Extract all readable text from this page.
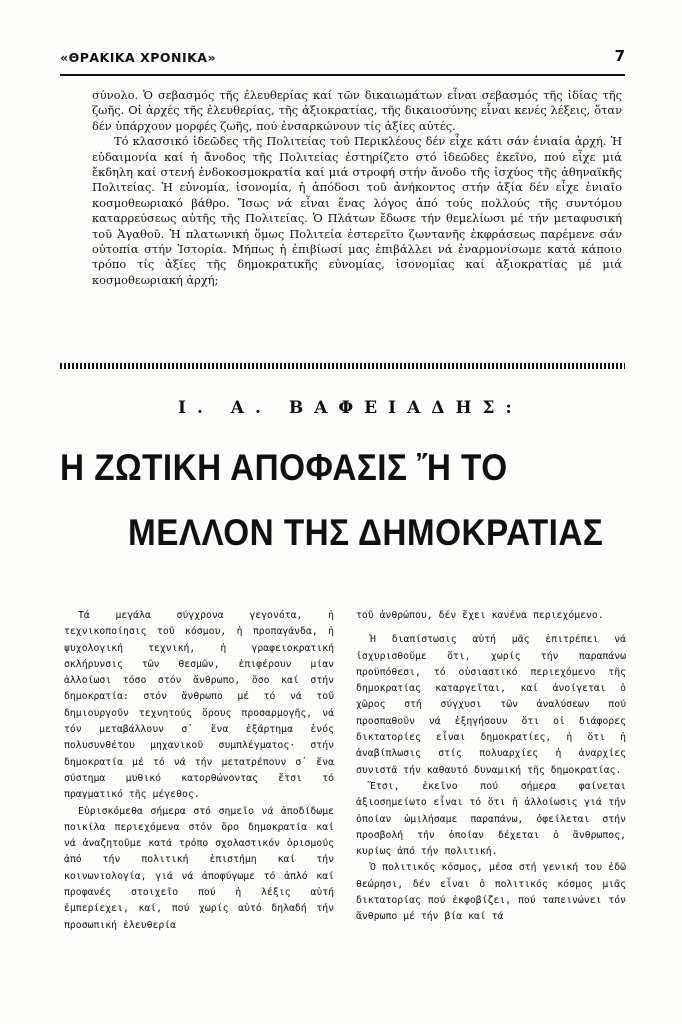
«ΘΡΑΚΙΚΑ ΧΡΟΝΙΚΑ»	7

σύνολο. Ὁ σεβασμός τῆς ἐλευθερίας καί τῶν δικαιωμάτων εἶναι σεβασμός τῆς ἰδίας τῆς ζωῆς. Οἱ ἀρχές τῆς ἐλευθερίας, τῆς ἀξιοκρατίας, τῆς δικαιοσύνης εἶναι κενές λέξεις, ὅταν δέν ὑπάρχουν μορφές ζωῆς, πού ἐνσαρκώνουν τίς ἀξίες αὐτές.

Τό κλασσικό ἰδεῶδες τῆς Πολιτείας τοῦ Περικλέους δέν εἶχε κάτι σάν ἑνιαία ἀρχή. Ἡ εὐδαιμονία καί ἡ ἄνοδος τῆς Πολιτείας ἐστηρίζετο στό ἰδεῶδες ἐκεῖνο, πού εἶχε μιά ἔκδηλη καί στενή ἐνδοκοσμοκρατία καί μιά στροφή στήν ἄνοδο τῆς ἰσχύος τῆς ἀθηναϊκῆς Πολιτείας. Ἡ εὐνομία, ἰσονομία, ἡ ἀπόδοσι τοῦ ἀνήκοντος στήν ἀξία δέν εἶχε ἑνιαῖο κοσμοθεωριακό βάθρο. Ἴσως νά εἶναι ἕνας λόγος ἀπό τούς πολλούς τῆς συντόμου καταρρεύσεως αὐτῆς τῆς Πολιτείας. Ὁ Πλάτων ἔδωσε τήν θεμελίωσι μέ τήν μεταφυσική τοῦ Ἀγαθοῦ. Ἡ πλατωνική ὅμως Πολιτεία ἐστερεῖτο ζωντανῆς ἐκφράσεως παρέμενε σάν οὐτοπία στήν Ἱστορία. Μήπως ἡ ἐπιβίωσί μας ἐπιβάλλει νά ἐναρμονίσωμε κατά κάποιο τρόπο τίς ἀξίες τῆς δημοκρατικῆς εὐνομίας, ἰσονομίας καί ἀξιοκρατίας μέ μιά κοσμοθεωριακή ἀρχή;

Ι. Α. ΒΑΦΕΙΑΔΗΣ:
Η ΖΩΤΙΚΗ ΑΠΟΦΑΣΙΣ Ἤ ΤΟ
ΜΕΛΛΟΝ ΤΗΣ ΔΗΜΟΚΡΑΤΙΑΣ

Τά μεγάλα σύγχρονα γεγονότα, ἡ τεχνικοποίησις τοῦ κόσμου, ἡ προπαγάνδα, ἡ ψυχολογική τεχνική, ἡ γραφειοκρατική σκλήρυνσις τῶν θεσμῶν, ἐπιφέρουν μίαν ἀλλοίωσι τόσο στόν ἄνθρωπο, ὅσο καί στήν δημοκρατία: στόν ἄνθρωπο μέ τό νά τοῦ δημιουργοῦν τεχνητούς ὅρους προσαρμογῆς, νά τόν μεταβάλλουν σ᾿ ἕνα ἐξάρτημα ἑνός πολυσυνθέτου μηχανικοῦ συμπλέγματος· στήν δημοκρατία μέ τό νά τήν μετατρέπουν σ᾿ ἕνα σύστημα μυθικό κατορθώνοντας ἔτσι τό πραγματικό τῆς μέγεθος.

Εὑρισκόμεθα σήμερα στό σημεῖο νά ἀποδίδωμε ποικίλα περιεχόμενα στόν ὅρο δημοκρατία καί νά ἀναζητοῦμε κατά τρόπο σχολαστικόν ὁρισμούς ἀπό τήν πολιτική ἐπιστήμη καί τήν κοινωνιολογία, γιά νά ἀποφύγωμε τό ἁπλό καί προφανές στοιχεῖο πού ἡ λέξις αὐτή ἐμπερίεχει, καί, πού χωρίς αὐτό δηλαδή τήν προσωπική ἐλευθερία

τοῦ ἀνθρώπου, δέν ἔχει κανένα περιεχόμενο.

Ἡ διαπίστωσις αὐτή μᾶς ἐπιτρέπει νά ἰσχυρισθοῦμε ὅτι, χωρίς τήν παραπάνω προϋπόθεσι, τό οὐσιαστικό περιεχόμενο τῆς δημοκρατίας καταργεῖται, καί ἀνοίγεται ὁ χῶρος στή σύγχυσι τῶν ἀναλύσεων πού προσπαθοῦν νά ἐξηγήσουν ὅτι οἱ διάφορες δικτατορίες εἶναι δημοκρατίες, ἡ ὅτι ἡ ἀναβίπλωσις στίς πολυαρχίες ἡ ἀναρχίες συνιστᾶ τήν καθαυτό δυναμική τῆς δημοκρατίας.

Ἔτσι, ἐκεῖνο πού σήμερα φαίνεται ἀξιοσημείωτο εἶναι τό ὅτι ἡ ἀλλοίωσις γιά τήν ὁποίαν ὡμιλήσαμε παραπάνω, ὀφείλεται στήν προσβολή τήν ὁποίαν δέχεται ὁ ἄνθρωπος, κυρίως ἀπό τήν πολιτική.

Ὁ πολιτικός κόσμος, μέσα στή γενική του ἐδῶ θεώρησι, δέν εἶναι ὁ πολιτικός κόσμος μιᾶς δικτατορίας πού ἐκφοβίζει, πού ταπεινώνει τόν ἄνθρωπο μέ τήν βία καί τά
